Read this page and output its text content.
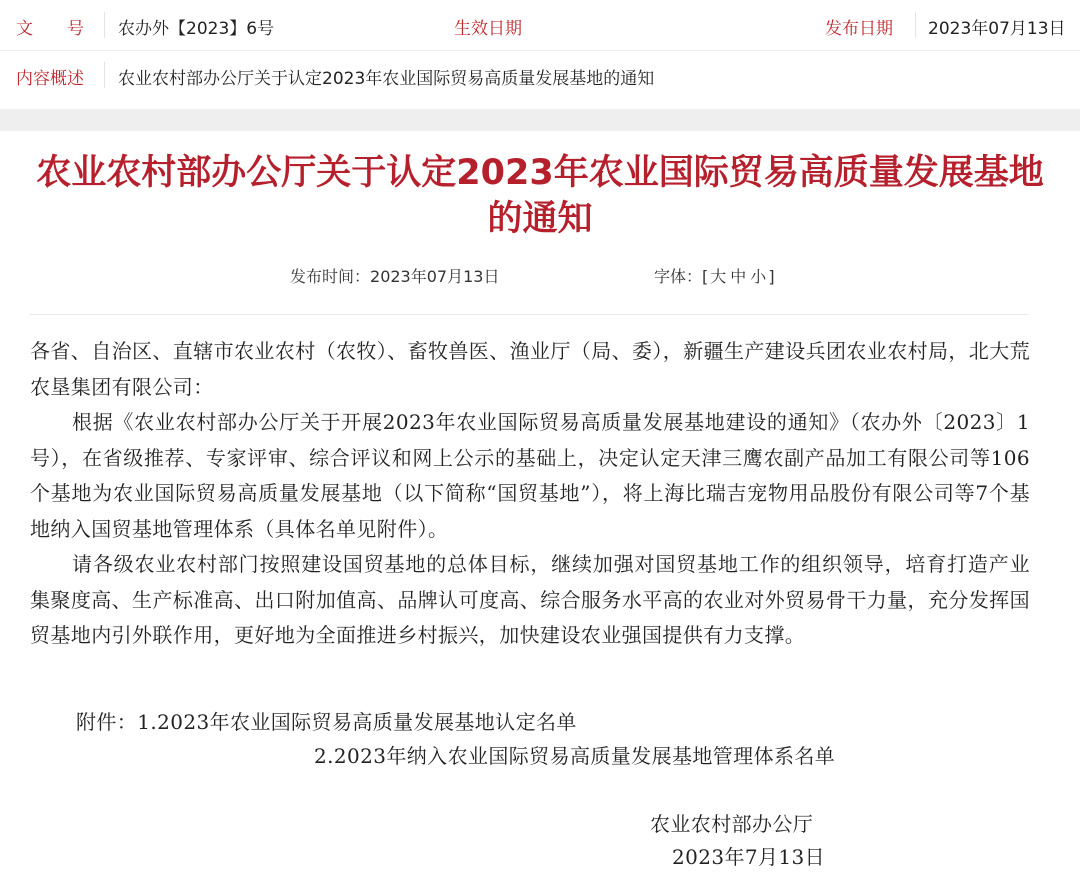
文　　号 农办外【2023】6号	生效日期	发布日期 2023年07月13日
内容概述 农业农村部办公厅关于认定2023年农业国际贸易高质量发展基地的通知
农业农村部办公厅关于认定2023年农业国际贸易高质量发展基地
的通知
发布时间：2023年07月13日	字体：[ 大 中 小 ]

各省、自治区、直辖市农业农村（农牧）、畜牧兽医、渔业厅（局、委），新疆生产建设兵团农业农村局，北大荒农垦集团有限公司：

根据《农业农村部办公厅关于开展2023年农业国际贸易高质量发展基地建设的通知》（农办外〔2023〕1号），在省级推荐、专家评审、综合评议和网上公示的基础上，决定认定天津三鹰农副产品加工有限公司等106个基地为农业国际贸易高质量发展基地（以下简称“国贸基地”），将上海比瑞吉宠物用品股份有限公司等7个基地纳入国贸基地管理体系（具体名单见附件）。

请各级农业农村部门按照建设国贸基地的总体目标，继续加强对国贸基地工作的组织领导，培育打造产业集聚度高、生产标准高、出口附加值高、品牌认可度高、综合服务水平高的农业对外贸易骨干力量，充分发挥国贸基地内引外联作用，更好地为全面推进乡村振兴，加快建设农业强国提供有力支撑。

附件：1.2023年农业国际贸易高质量发展基地认定名单
2.2023年纳入农业国际贸易高质量发展基地管理体系名单
农业农村部办公厅
2023年7月13日
